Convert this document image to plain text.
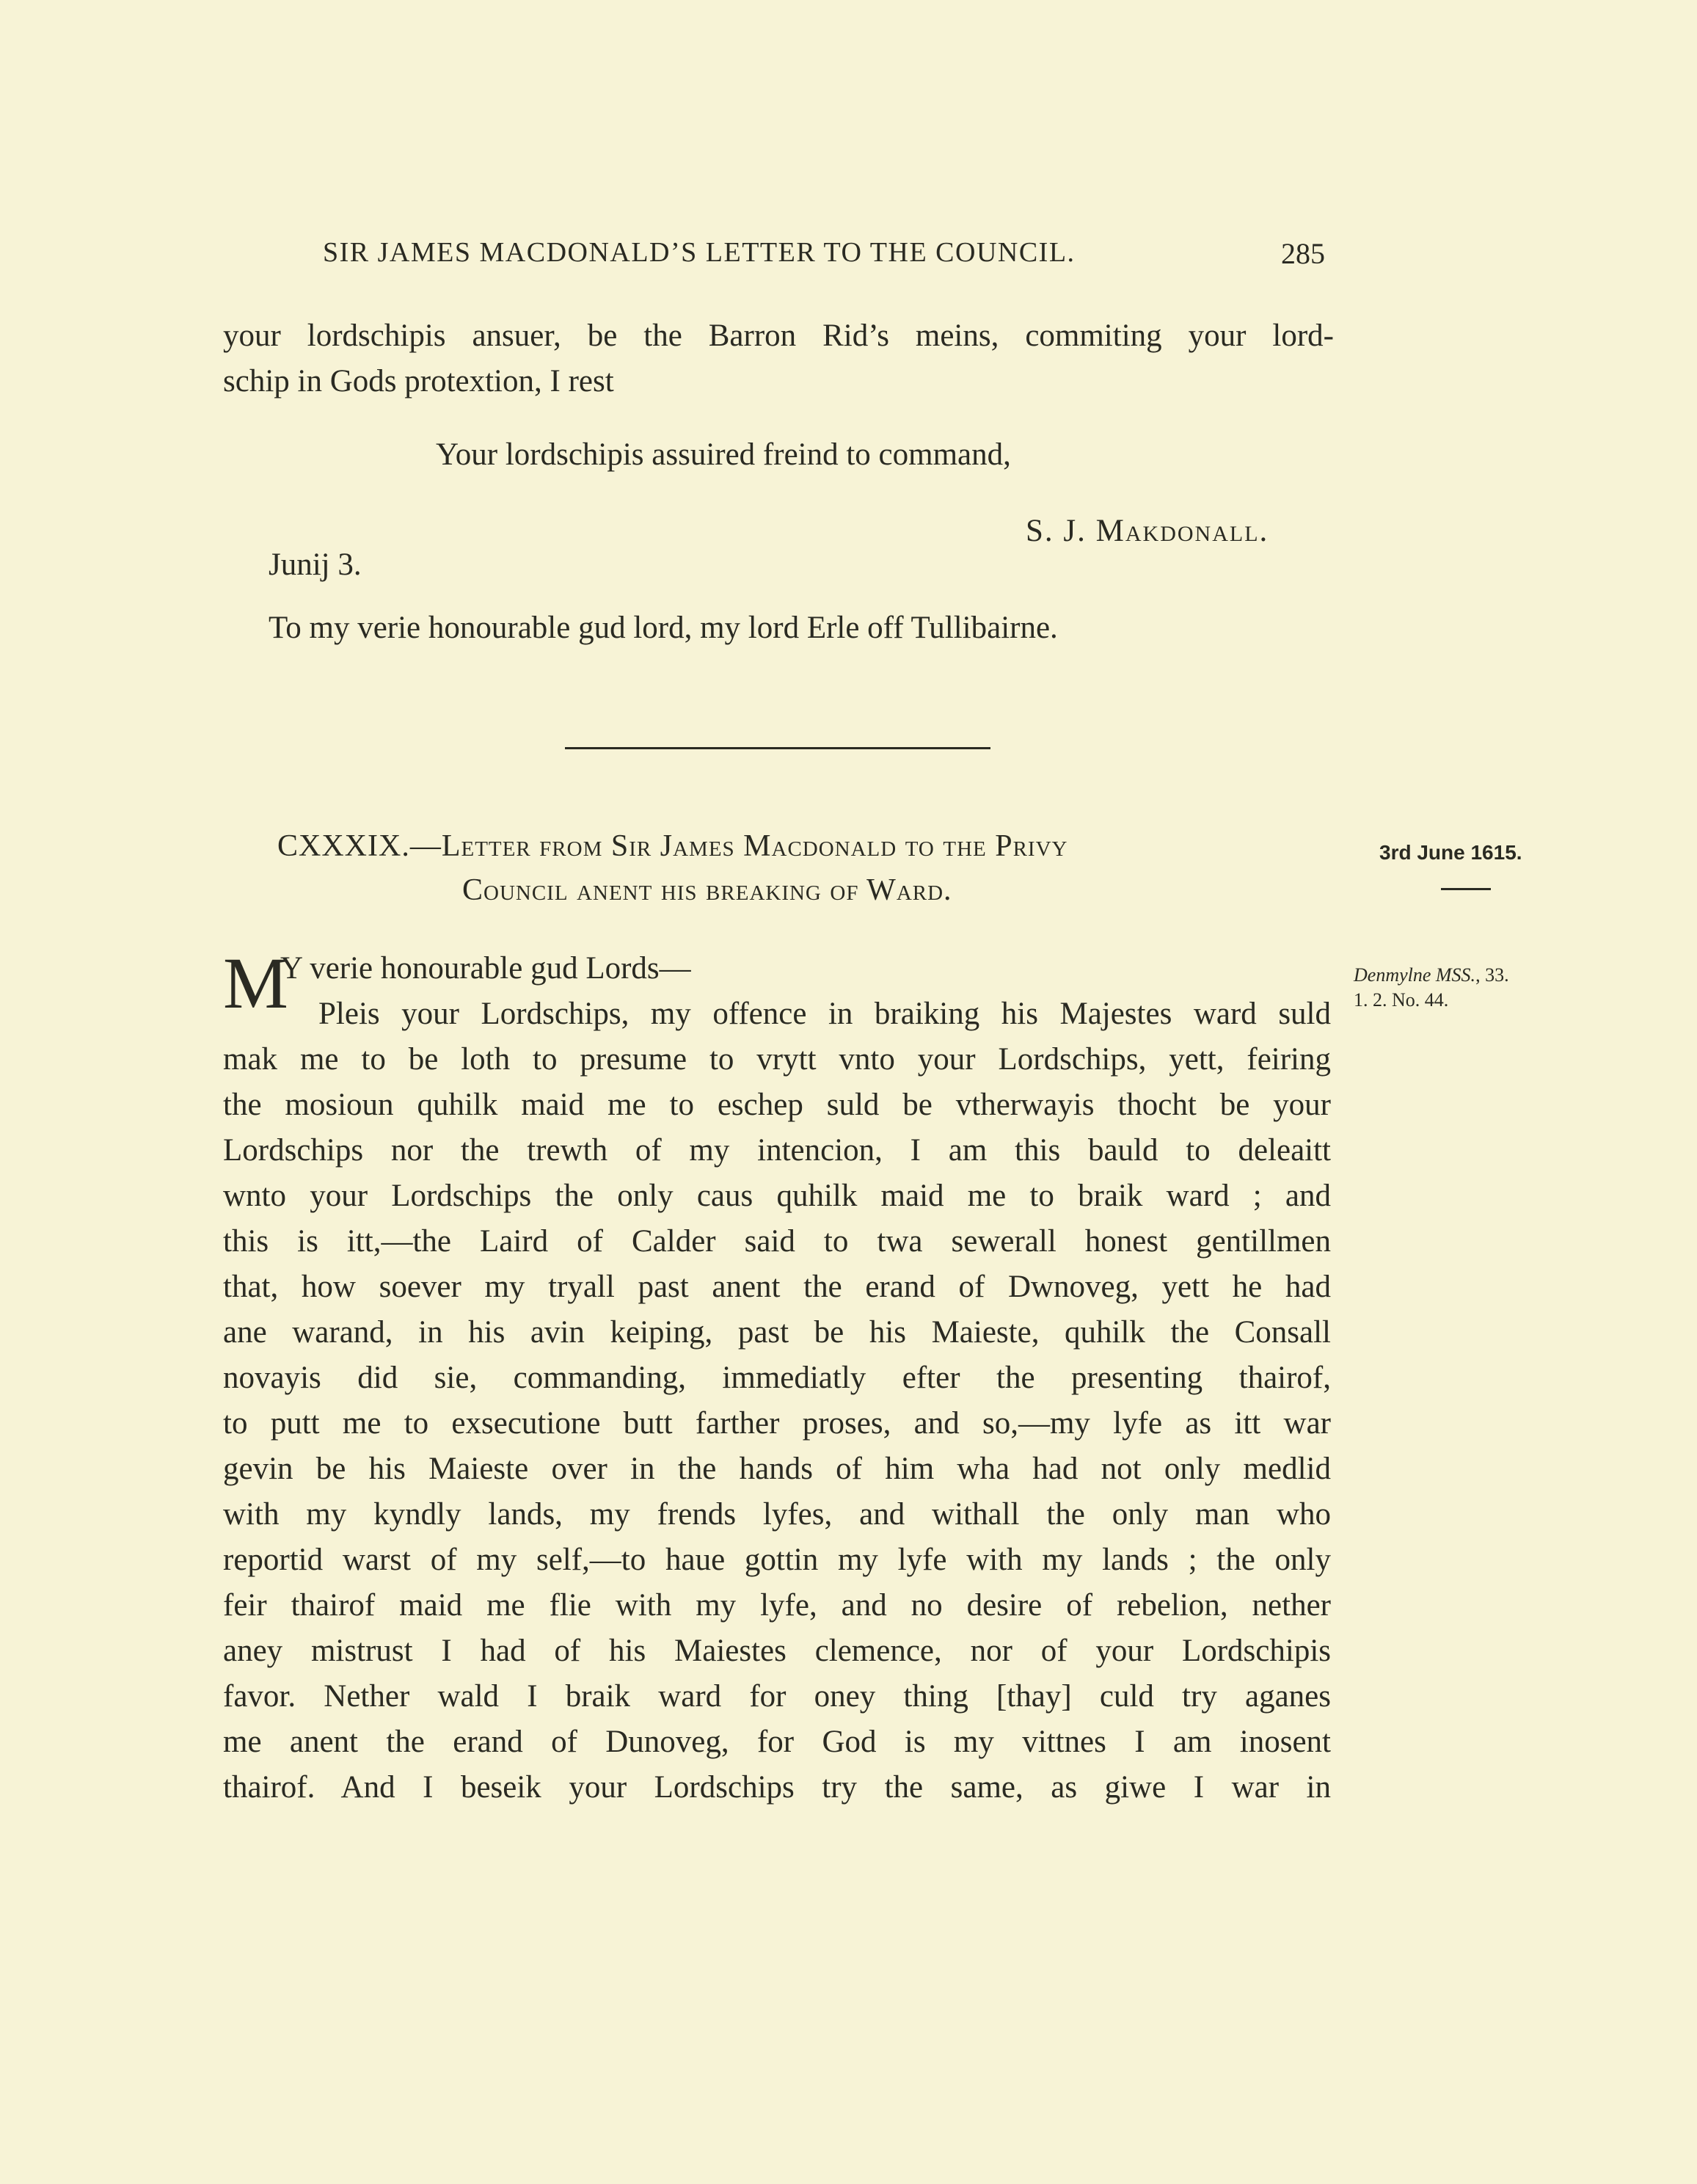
SIR JAMES MACDONALD’S LETTER TO THE COUNCIL.	285
your lordschipis ansuer, be the Barron Rid’s meins, commiting your lord-
schip in Gods protextion, I rest
Your lordschipis assuired freind to command,
S. J. Makdonall.
Junij 3.
To my verie honourable gud lord, my lord Erle off Tullibairne.
CXXXIX.—Letter from Sir James Macdonald to the Privy
Council anent his breaking of Ward.
3rd June 1615.
Denmylne MSS., 33.
1. 2. No. 44.
M
Y verie honourable gud Lords—
Pleis your Lordschips, my offence in braiking his Majestes ward suld
mak me to be loth to presume to vrytt vnto your Lordschips, yett, feiring
the mosioun quhilk maid me to eschep suld be vtherwayis thocht be your
Lordschips nor the trewth of my intencion, I am this bauld to deleaitt
wnto your Lordschips the only caus quhilk maid me to braik ward ; and
this is itt,—the Laird of Calder said to twa sewerall honest gentillmen
that, how soever my tryall past anent the erand of Dwnoveg, yett he had
ane warand, in his avin keiping, past be his Maieste, quhilk the Consall
novayis did sie, commanding, immediatly efter the presenting thairof,
to putt me to exsecutione butt farther proses, and so,—my lyfe as itt war
gevin be his Maieste over in the hands of him wha had not only medlid
with my kyndly lands, my frends lyfes, and withall the only man who
reportid warst of my self,—to haue gottin my lyfe with my lands ; the only
feir thairof maid me flie with my lyfe, and no desire of rebelion, nether
aney mistrust I had of his Maiestes clemence, nor of your Lordschipis
favor. Nether wald I braik ward for oney thing [thay] culd try aganes
me anent the erand of Dunoveg, for God is my vittnes I am inosent
thairof. And I beseik your Lordschips try the same, as giwe I war in
